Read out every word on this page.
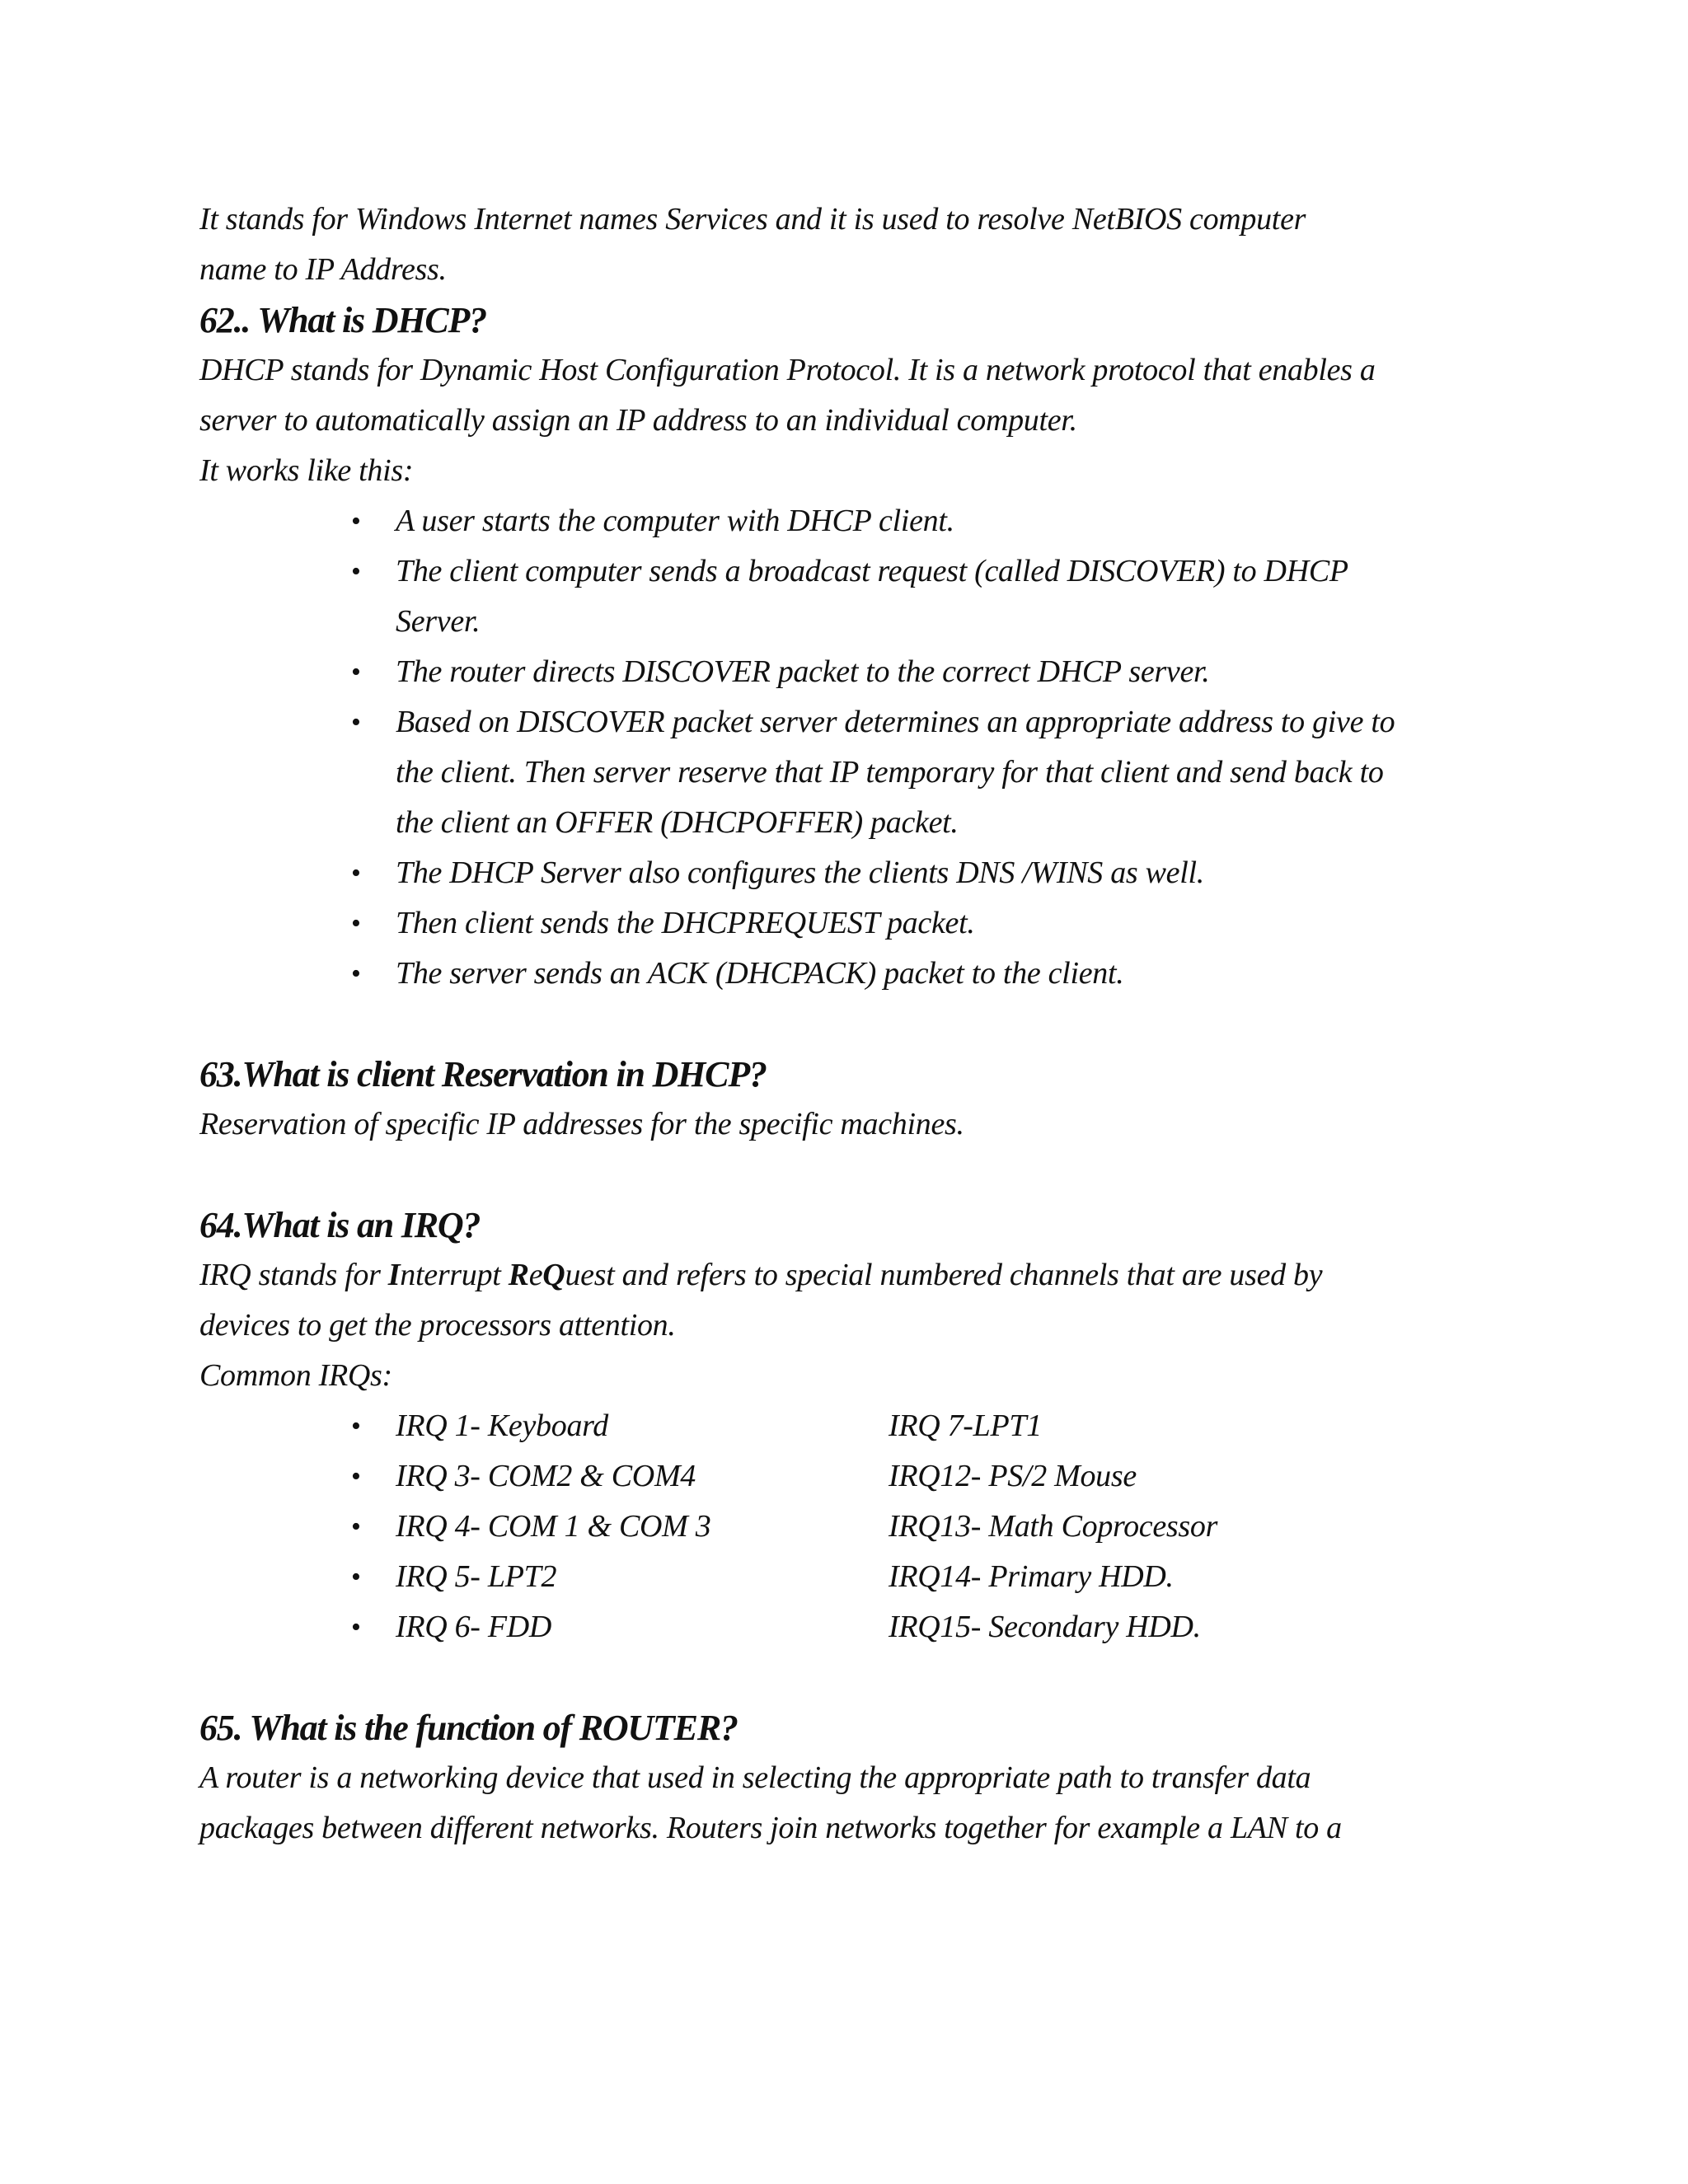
It stands for Windows Internet names Services and it is used to resolve NetBIOS computer

name to IP Address.

62.. What is DHCP?

DHCP stands for Dynamic Host Configuration Protocol. It is a network protocol that enables a

server to automatically assign an IP address to an individual computer.

It works like this:

• A user starts the computer with DHCP client.
• The client computer sends a broadcast request (called DISCOVER) to DHCP
Server.
• The router directs DISCOVER packet to the correct DHCP server.
• Based on DISCOVER packet server determines an appropriate address to give to
the client. Then server reserve that IP temporary for that client and send back to
the client an OFFER (DHCPOFFER) packet.
• The DHCP Server also configures the clients DNS /WINS as well.
• Then client sends the DHCPREQUEST packet.
• The server sends an ACK (DHCPACK) packet to the client.
63.What is client Reservation in DHCP?

Reservation of specific IP addresses for the specific machines.

64.What is an IRQ?

IRQ stands for Interrupt ReQuest and refers to special numbered channels that are used by

devices to get the processors attention.

Common IRQs:

• IRQ 1- Keyboard	IRQ 7-LPT1
• IRQ 3- COM2 & COM4	IRQ12- PS/2 Mouse
• IRQ 4- COM 1 & COM 3	IRQ13- Math Coprocessor
• IRQ 5- LPT2	IRQ14- Primary HDD.
• IRQ 6- FDD	IRQ15- Secondary HDD.
65. What is the function of ROUTER?

A router is a networking device that used in selecting the appropriate path to transfer data

packages between different networks. Routers join networks together for example a LAN to a
